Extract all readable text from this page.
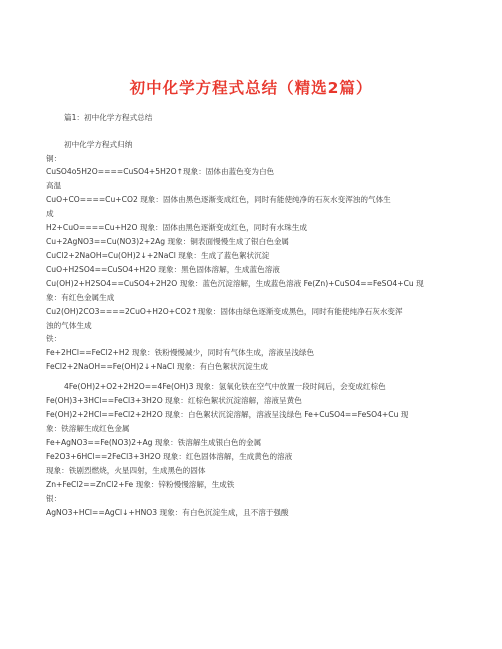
初中化学方程式总结（精选2篇）
篇1：初中化学方程式总结
初中化学方程式归纳
铜：
CuSO4o5H2O====CuSO4+5H2O↑现象：固体由蓝色变为白色
高温
CuO+CO====Cu+CO2 现象：固体由黑色逐渐变成红色，同时有能使纯净的石灰水变浑浊的气体生
成
H2+CuO====Cu+H2O 现象：固体由黑色逐渐变成红色，同时有水珠生成
Cu+2AgNO3==Cu(NO3)2+2Ag 现象：铜表面慢慢生成了银白色金属
CuCl2+2NaOH=Cu(OH)2↓+2NaCl 现象：生成了蓝色絮状沉淀
CuO+H2SO4==CuSO4+H2O 现象：黑色固体溶解，生成蓝色溶液
Cu(OH)2+H2SO4==CuSO4+2H2O 现象：蓝色沉淀溶解，生成蓝色溶液 Fe(Zn)+CuSO4==FeSO4+Cu 现
象：有红色金属生成
Cu2(OH)2CO3====2CuO+H2O+CO2↑现象：固体由绿色逐渐变成黑色，同时有能使纯净石灰水变浑
浊的气体生成
铁：
Fe+2HCl==FeCl2+H2 现象：铁粉慢慢减少，同时有气体生成，溶液呈浅绿色
FeCl2+2NaOH==Fe(OH)2↓+NaCl 现象：有白色絮状沉淀生成
4Fe(OH)2+O2+2H2O==4Fe(OH)3 现象：氢氧化铁在空气中放置一段时间后，会变成红棕色
Fe(OH)3+3HCl==FeCl3+3H2O 现象：红棕色絮状沉淀溶解，溶液呈黄色
Fe(OH)2+2HCl==FeCl2+2H2O 现象：白色絮状沉淀溶解，溶液呈浅绿色 Fe+CuSO4==FeSO4+Cu 现
象：铁溶解生成红色金属
Fe+AgNO3==Fe(NO3)2+Ag 现象：铁溶解生成银白色的金属
Fe2O3+6HCl==2FeCl3+3H2O 现象：红色固体溶解，生成黄色的溶液
现象：铁剧烈燃烧，火星四射，生成黑色的固体
Zn+FeCl2==ZnCl2+Fe 现象：锌粉慢慢溶解，生成铁
银：
AgNO3+HCl==AgCl↓+HNO3 现象：有白色沉淀生成，且不溶于强酸
